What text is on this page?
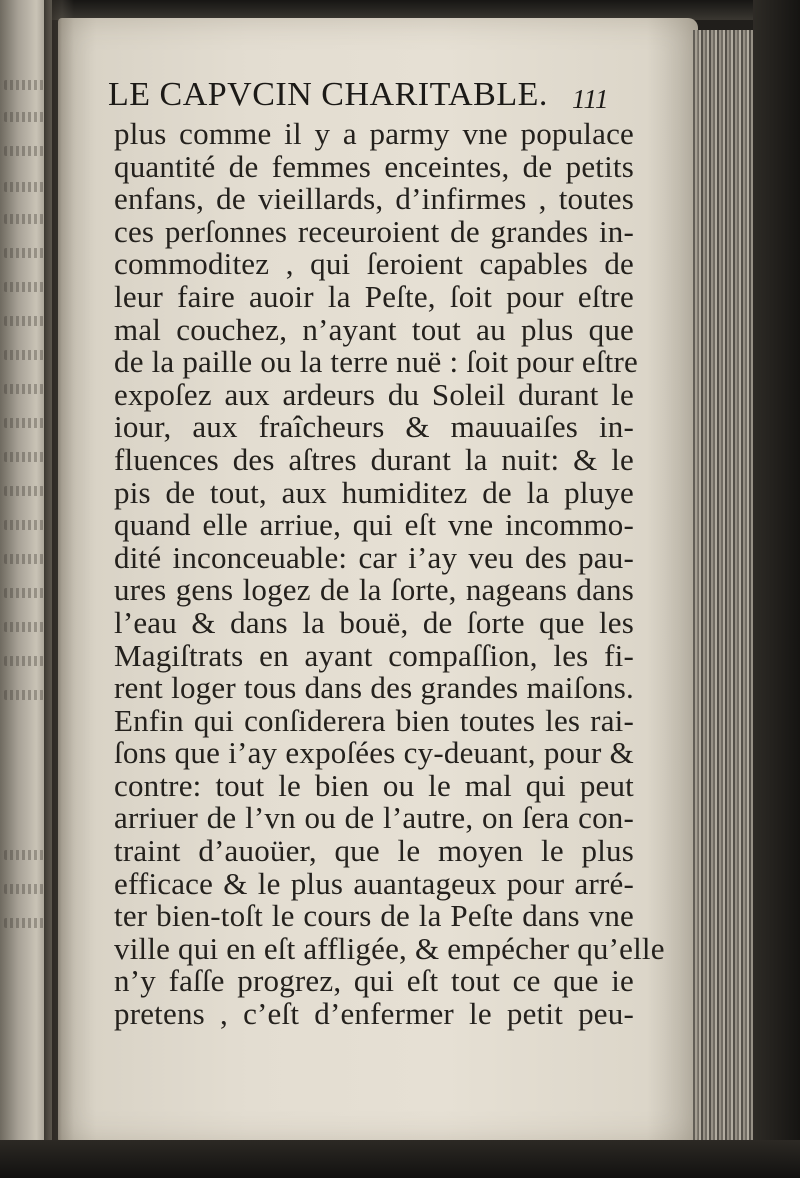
LE CAPVCIN CHARITABLE. 111
plus comme il y a parmy vne populace
quantité de femmes enceintes, de petits
enfans, de vieillards, d’infirmes , toutes
ces perſonnes receuroient de grandes in-
commoditez , qui ſeroient capables de
leur faire auoir la Peſte, ſoit pour eſtre
mal couchez, n’ayant tout au plus que
de la paille ou la terre nuë : ſoit pour eſtre
expoſez aux ardeurs du Soleil durant le
iour, aux fraîcheurs & mauuaiſes in-
fluences des aſtres durant la nuit: & le
pis de tout, aux humiditez de la pluye
quand elle arriue, qui eſt vne incommo-
dité inconceuable: car i’ay veu des pau-
ures gens logez de la ſorte, nageans dans
l’eau & dans la bouë, de ſorte que les
Magiſtrats en ayant compaſſion, les fi-
rent loger tous dans des grandes maiſons.
Enfin qui conſiderera bien toutes les rai-
ſons que i’ay expoſées cy-deuant, pour &
contre: tout le bien ou le mal qui peut
arriuer de l’vn ou de l’autre, on ſera con-
traint d’auoüer, que le moyen le plus
efficace & le plus auantageux pour arré-
ter bien-toſt le cours de la Peſte dans vne
ville qui en eſt affligée, & empécher qu’elle
n’y faſſe progrez, qui eſt tout ce que ie
pretens , c’eſt d’enfermer le petit peu-
